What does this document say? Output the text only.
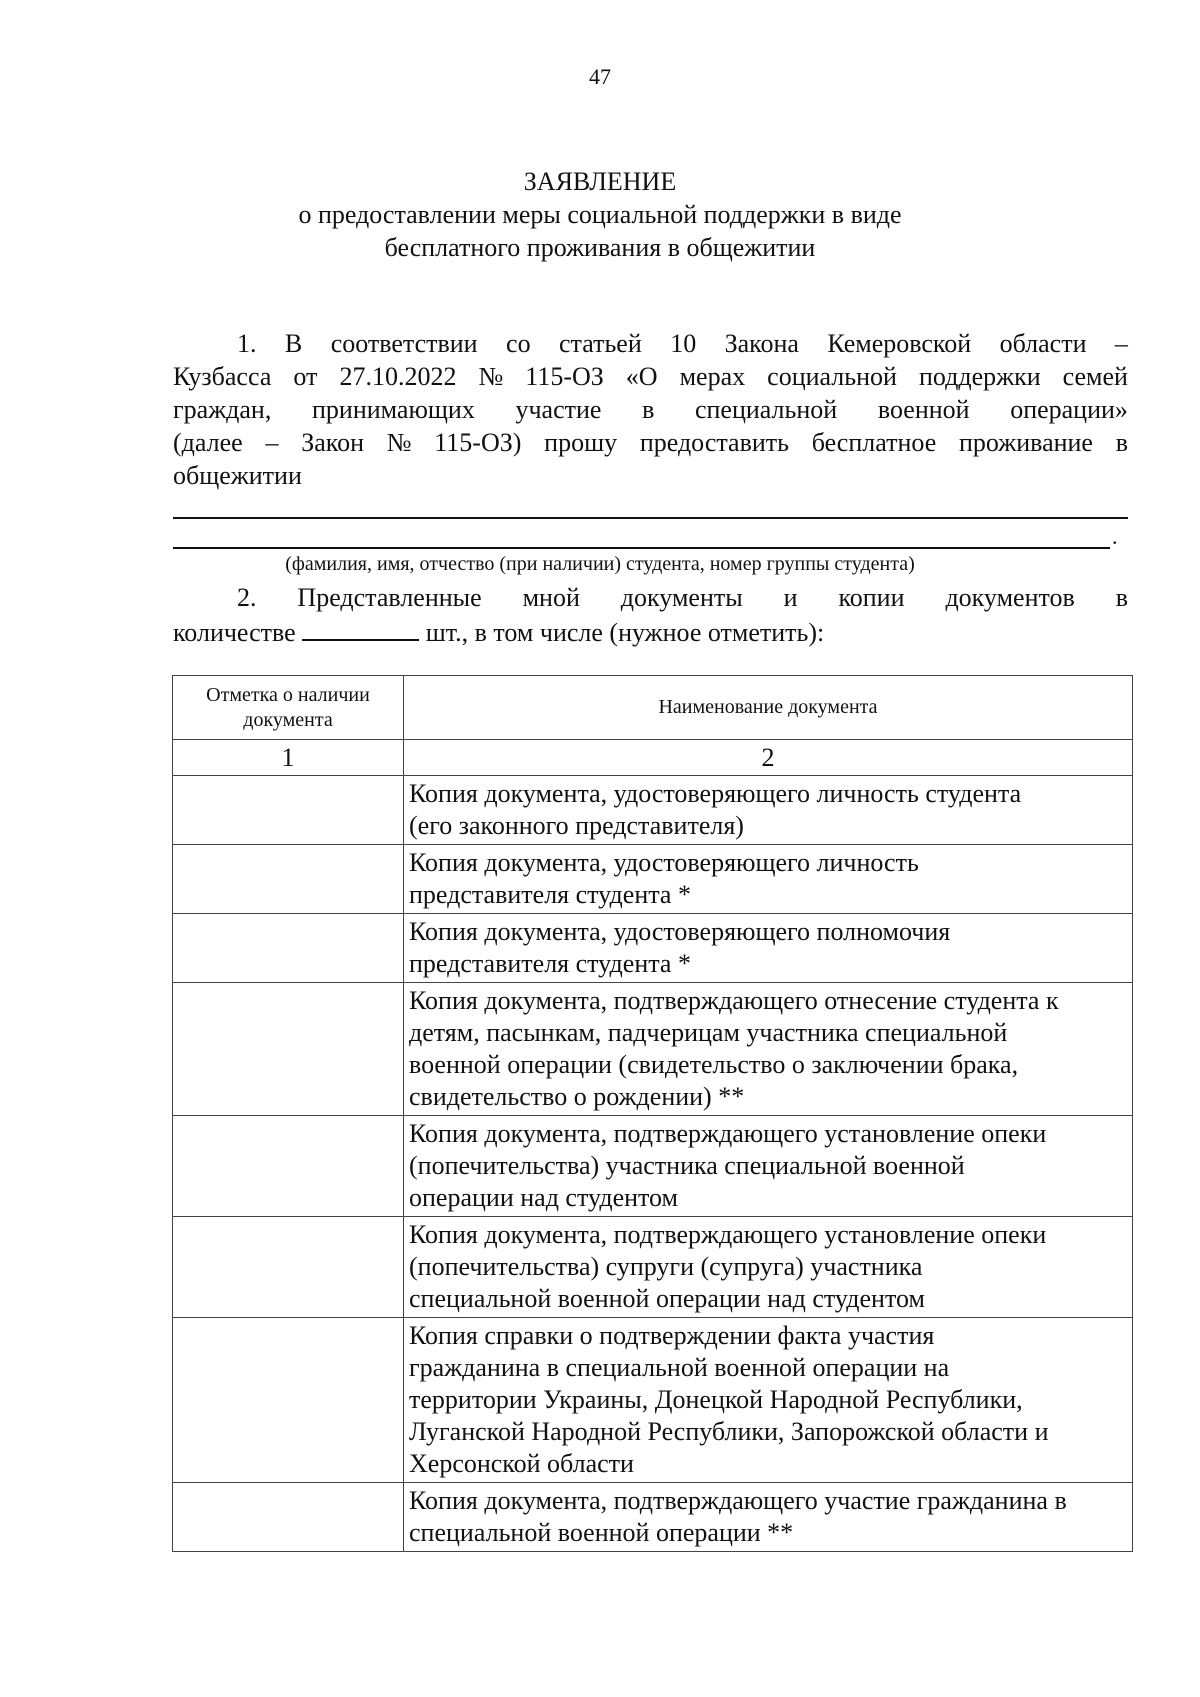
47
ЗАЯВЛЕНИЕ
о предоставлении меры социальной поддержки в виде
бесплатного проживания в общежитии
1. В соответствии со статьей 10 Закона Кемеровской области –
Кузбасса от 27.10.2022 № 115-ОЗ «О мерах социальной поддержки семей
граждан, принимающих участие в специальной военной операции»
(далее – Закон № 115-ОЗ) прошу предоставить бесплатное проживание в
общежитии
.
(фамилия, имя, отчество (при наличии) студента, номер группы студента)
2. Представленные мной документы и копии документов в
количестве	шт., в том числе (нужное отметить):
Отметка о наличии
документа	Наименование документа
1	2

	Копия документа, удостоверяющего личность студента
(его законного представителя)

	Копия документа, удостоверяющего личность
представителя студента *

	Копия документа, удостоверяющего полномочия
представителя студента *

	Копия документа, подтверждающего отнесение студента к
детям, пасынкам, падчерицам участника специальной
военной операции (свидетельство о заключении брака,
свидетельство о рождении) **

	Копия документа, подтверждающего установление опеки
(попечительства) участника специальной военной
операции над студентом

	Копия документа, подтверждающего установление опеки
(попечительства) супруги (супруга) участника
специальной военной операции над студентом

	Копия справки о подтверждении факта участия
гражданина в специальной военной операции на
территории Украины, Донецкой Народной Республики,
Луганской Народной Республики, Запорожской области и
Херсонской области

	Копия документа, подтверждающего участие гражданина в
специальной военной операции **
